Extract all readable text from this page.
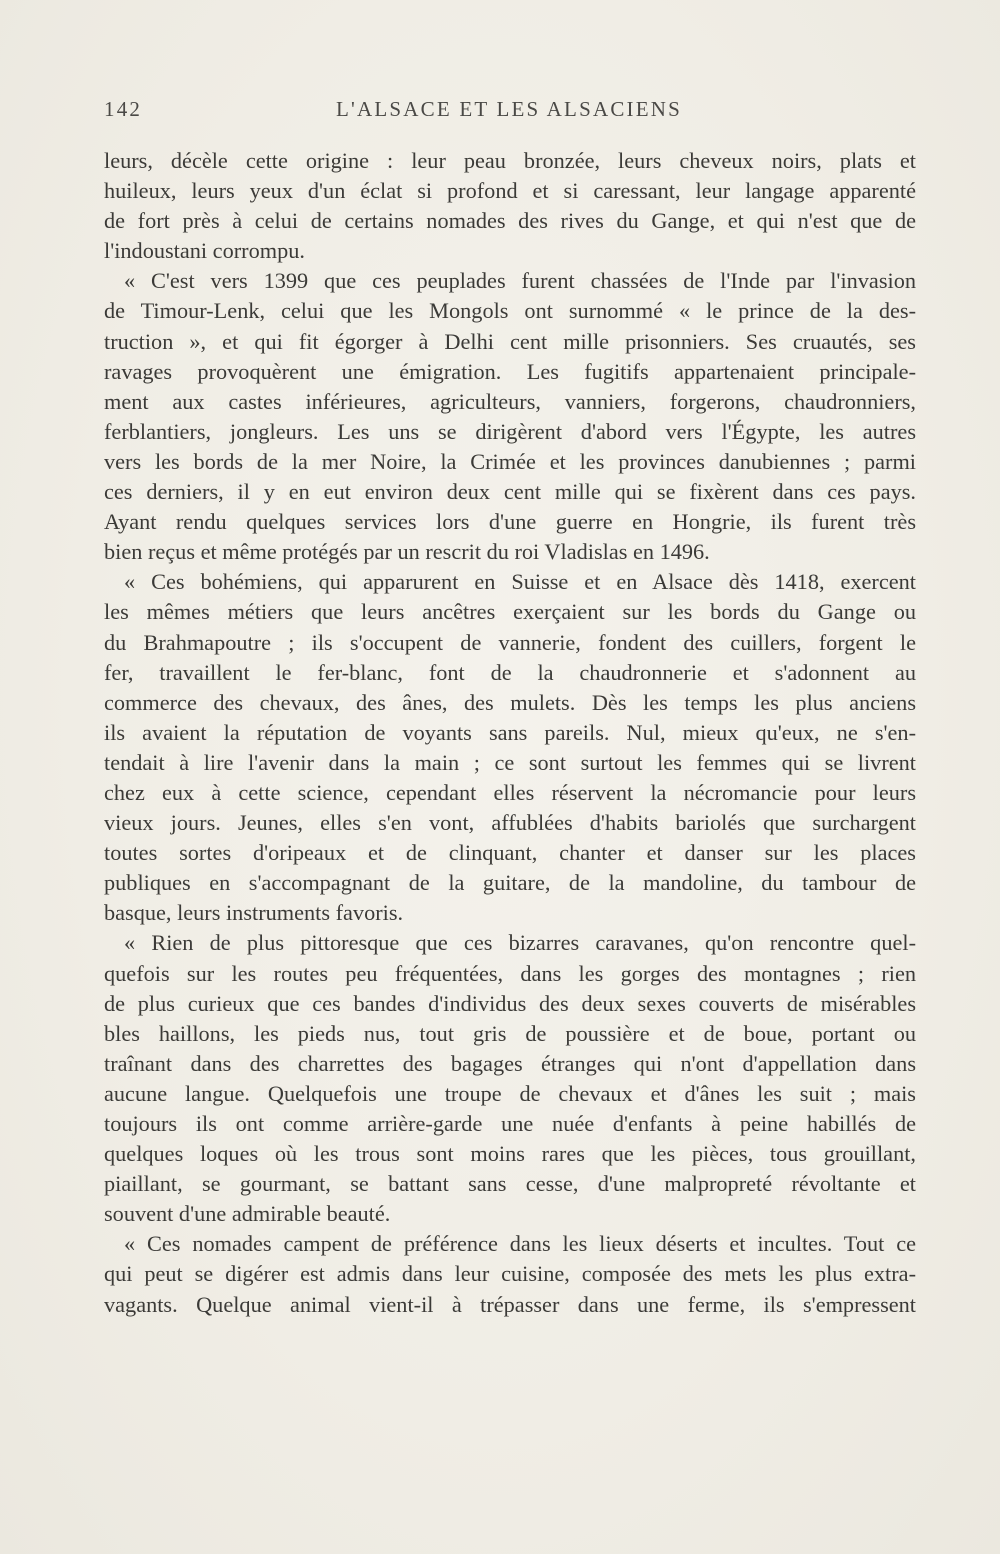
142	L'ALSACE ET LES ALSACIENS
leurs, décèle cette origine : leur peau bronzée, leurs cheveux noirs, plats et
huileux, leurs yeux d'un éclat si profond et si caressant, leur langage apparenté
de fort près à celui de certains nomades des rives du Gange, et qui n'est que de
l'indoustani corrompu.
« C'est vers 1399 que ces peuplades furent chassées de l'Inde par l'invasion
de Timour-Lenk, celui que les Mongols ont surnommé « le prince de la des-
truction », et qui fit égorger à Delhi cent mille prisonniers. Ses cruautés, ses
ravages provoquèrent une émigration. Les fugitifs appartenaient principale-
ment aux castes inférieures, agriculteurs, vanniers, forgerons, chaudronniers,
ferblantiers, jongleurs. Les uns se dirigèrent d'abord vers l'Égypte, les autres
vers les bords de la mer Noire, la Crimée et les provinces danubiennes ; parmi
ces derniers, il y en eut environ deux cent mille qui se fixèrent dans ces pays.
Ayant rendu quelques services lors d'une guerre en Hongrie, ils furent très
bien reçus et même protégés par un rescrit du roi Vladislas en 1496.
« Ces bohémiens, qui apparurent en Suisse et en Alsace dès 1418, exercent
les mêmes métiers que leurs ancêtres exerçaient sur les bords du Gange ou
du Brahmapoutre ; ils s'occupent de vannerie, fondent des cuillers, forgent le
fer, travaillent le fer-blanc, font de la chaudronnerie et s'adonnent au
commerce des chevaux, des ânes, des mulets. Dès les temps les plus anciens
ils avaient la réputation de voyants sans pareils. Nul, mieux qu'eux, ne s'en-
tendait à lire l'avenir dans la main ; ce sont surtout les femmes qui se livrent
chez eux à cette science, cependant elles réservent la nécromancie pour leurs
vieux jours. Jeunes, elles s'en vont, affublées d'habits bariolés que surchargent
toutes sortes d'oripeaux et de clinquant, chanter et danser sur les places
publiques en s'accompagnant de la guitare, de la mandoline, du tambour de
basque, leurs instruments favoris.
« Rien de plus pittoresque que ces bizarres caravanes, qu'on rencontre quel-
quefois sur les routes peu fréquentées, dans les gorges des montagnes ; rien
de plus curieux que ces bandes d'individus des deux sexes couverts de misérables
bles haillons, les pieds nus, tout gris de poussière et de boue, portant ou
traînant dans des charrettes des bagages étranges qui n'ont d'appellation dans
aucune langue. Quelquefois une troupe de chevaux et d'ânes les suit ; mais
toujours ils ont comme arrière-garde une nuée d'enfants à peine habillés de
quelques loques où les trous sont moins rares que les pièces, tous grouillant,
piaillant, se gourmant, se battant sans cesse, d'une malpropreté révoltante et
souvent d'une admirable beauté.
« Ces nomades campent de préférence dans les lieux déserts et incultes. Tout ce
qui peut se digérer est admis dans leur cuisine, composée des mets les plus extra-
vagants. Quelque animal vient-il à trépasser dans une ferme, ils s'empressent
